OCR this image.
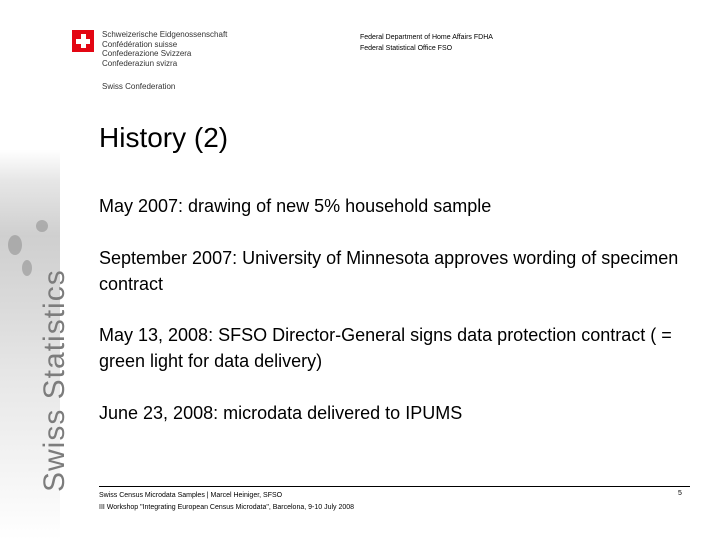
Swiss Statistics
Schweizerische Eidgenossenschaft
Confédération suisse
Confederazione Svizzera
Confederaziun svizra
Swiss Confederation
Federal Department of Home Affairs FDHA
Federal Statistical Office FSO
History (2)

May 2007: drawing of new 5% household sample

September 2007: University of Minnesota approves wording of specimen contract

May 13, 2008: SFSO Director-General signs data protection contract ( = green light for data delivery)

June 23, 2008: microdata delivered to IPUMS

Swiss Census Microdata Samples | Marcel Heiniger, SFSO
III Workshop "Integrating European Census Microdata", Barcelona, 9-10 July 2008
5
